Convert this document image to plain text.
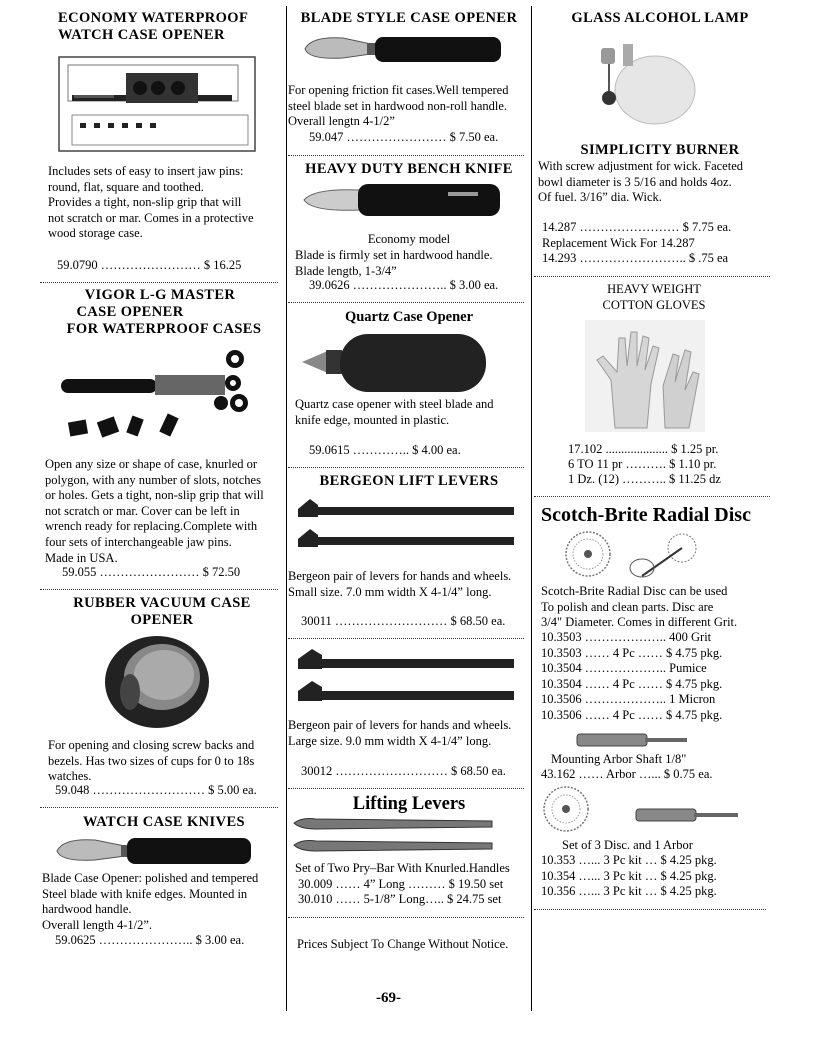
ECONOMY WATERPROOF
WATCH CASE OPENER
Includes sets of easy to insert jaw pins:
round, flat, square and toothed.
Provides a tight, non-slip grip that will
not scratch or mar. Comes in a protective
wood storage case.
59.0790 …………………… $ 16.25
VIGOR L-G MASTER
CASE OPENER
FOR WATERPROOF CASES
Open any size or shape of case, knurled or
polygon, with any number of slots, notches
or holes. Gets a tight, non-slip grip that will
not scratch or mar. Cover can be left in
wrench ready for replacing.Complete with
four sets of interchangeable jaw pins.
Made in USA.
59.055 …………………… $ 72.50
RUBBER VACUUM CASE
OPENER
For opening and closing screw backs and
bezels. Has two sizes of cups for 0 to 18s
watches.
59.048 ……………………… $ 5.00 ea.
WATCH CASE KNIVES
Blade Case Opener: polished and tempered
Steel blade with knife edges. Mounted in
hardwood handle.
Overall length 4-1/2”.
59.0625 ………………….. $ 3.00 ea.
BLADE STYLE CASE OPENER
For opening friction fit cases.Well tempered
steel blade set in hardwood non-roll handle.
Overall lengtn 4-1/2”
59.047 …………………… $ 7.50 ea.
HEAVY DUTY BENCH KNIFE
Economy model
Blade is firmly set in hardwood handle.
Blade lengtb, 1-3/4”
39.0626 ………………….. $ 3.00 ea.
Quartz Case Opener
Quartz case opener with steel blade and
knife edge, mounted in plastic.
59.0615 ………….. $ 4.00 ea.
BERGEON LIFT LEVERS
Bergeon pair of levers for hands and wheels.
Small size. 7.0 mm width X 4-1/4” long.
30011 ……………………… $ 68.50 ea.
Bergeon pair of levers for hands and wheels.
Large size. 9.0 mm width X 4-1/4” long.
30012 ……………………… $ 68.50 ea.
Lifting Levers
Set of Two Pry–Bar With Knurled.Handles
30.009 …… 4” Long ……… $ 19.50 set
30.010 …… 5-1/8” Long….. $ 24.75 set
Prices Subject To Change Without Notice.
GLASS ALCOHOL LAMP
SIMPLICITY BURNER
With screw adjustment for wick. Faceted
bowl diameter is 3 5/16 and holds 4oz.
Of fuel. 3/16” dia. Wick.
14.287 …………………… $ 7.75 ea.
Replacement Wick For 14.287
14.293 …………………….. $ .75 ea
HEAVY WEIGHT
COTTON GLOVES
17.102 .................... $ 1.25 pr.
6 TO 11 pr ………. $ 1.10 pr.
1 Dz. (12) ……….. $ 11.25 dz
Scotch-Brite Radial Disc
Scotch-Brite Radial Disc can be used
To polish and clean parts. Disc are
3/4" Diameter. Comes in different Grit.
10.3503 ……………….. 400 Grit
10.3503 …… 4 Pc …… $ 4.75 pkg.
10.3504 ……………….. Pumice
10.3504 …… 4 Pc …… $ 4.75 pkg.
10.3506 ……………….. 1 Micron
10.3506 …… 4 Pc …… $ 4.75 pkg.
Mounting Arbor Shaft 1/8"
43.162 …… Arbor …... $ 0.75 ea.
Set of 3 Disc. and 1 Arbor
10.353 …... 3 Pc kit … $ 4.25 pkg.
10.354 …... 3 Pc kit … $ 4.25 pkg.
10.356 …... 3 Pc kit … $ 4.25 pkg.
-69-
